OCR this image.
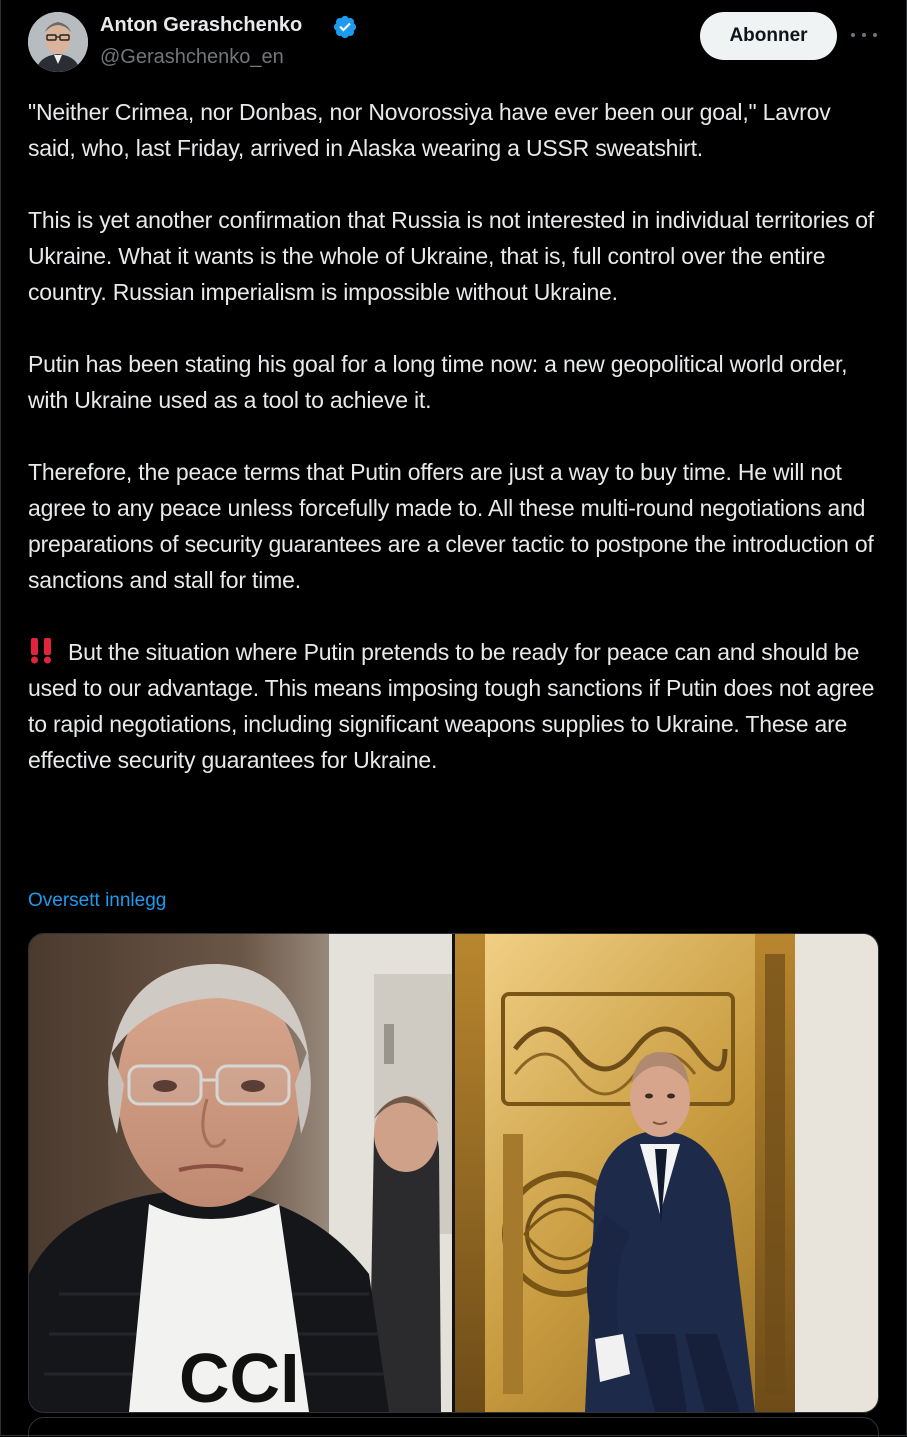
Anton Gerashchenko
@Gerashchenko_en
Abonner

"Neither Crimea, nor Donbas, nor Novorossiya have ever been our goal," Lavrov said, who, last Friday, arrived in Alaska wearing a USSR sweatshirt.

This is yet another confirmation that Russia is not interested in individual territories of Ukraine. What it wants is the whole of Ukraine, that is, full control over the entire country. Russian imperialism is impossible without Ukraine.

Putin has been stating his goal for a long time now: a new geopolitical world order, with Ukraine used as a tool to achieve it.

Therefore, the peace terms that Putin offers are just a way to buy time. He will not agree to any peace unless forcefully made to. All these multi-round negotiations and preparations of security guarantees are a clever tactic to postpone the introduction of sanctions and stall for time.

But the situation where Putin pretends to be ready for peace can and should be used to our advantage. This means imposing tough sanctions if Putin does not agree to rapid negotiations, including significant weapons supplies to Ukraine. These are effective security guarantees for Ukraine.

Oversett innlegg
CCI
